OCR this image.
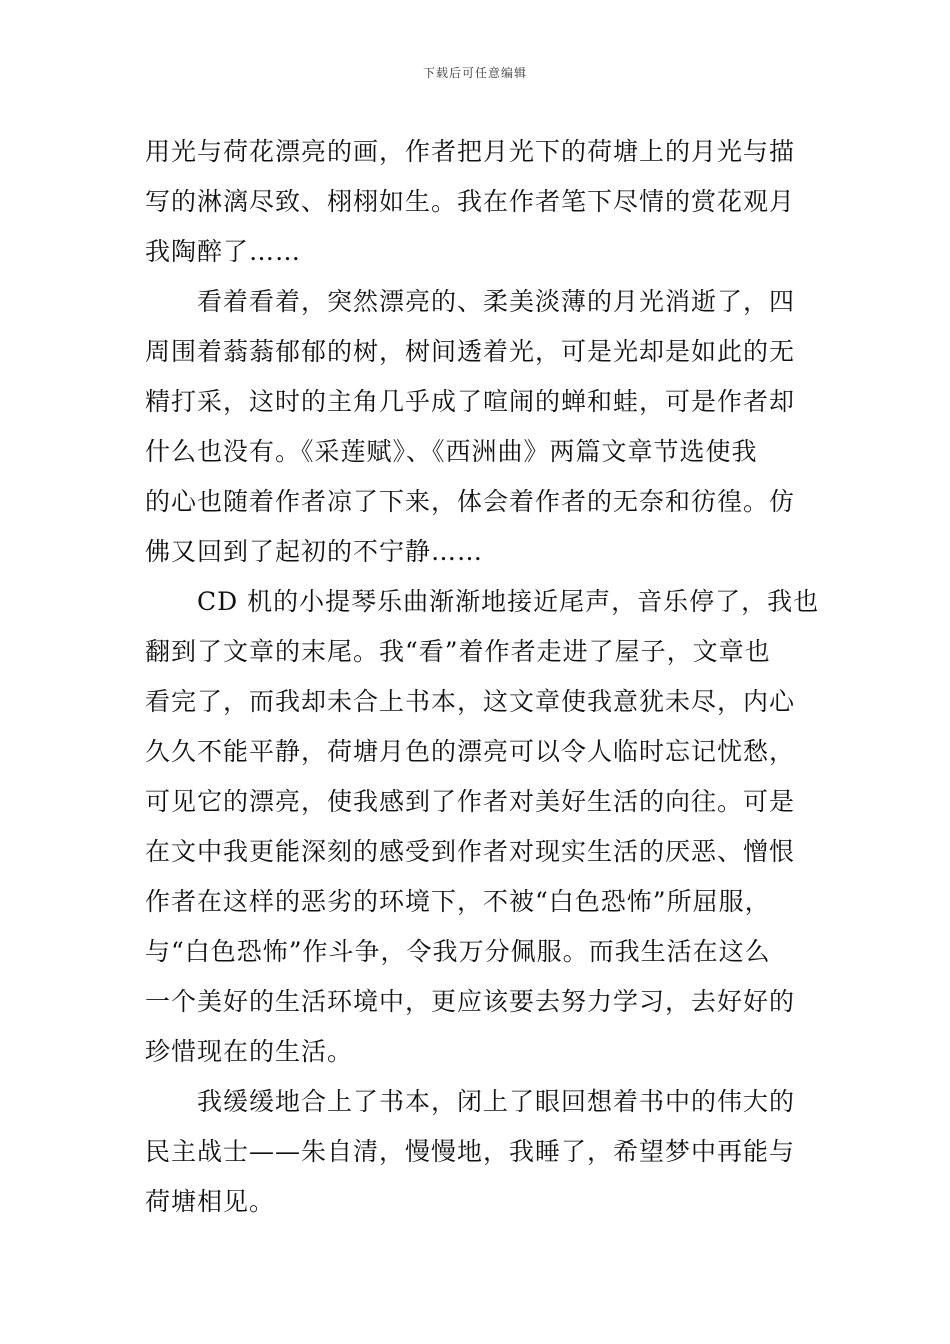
下载后可任意编辑
用光与荷花漂亮的画，作者把月光下的荷塘上的月光与描
写的淋漓尽致、栩栩如生。我在作者笔下尽情的赏花观月
我陶醉了……
看着看着，突然漂亮的、柔美淡薄的月光消逝了，四
周围着蓊蓊郁郁的树，树间透着光，可是光却是如此的无
精打采，这时的主角几乎成了喧闹的蝉和蛙，可是作者却
什么也没有。《采莲赋》、《西洲曲》两篇文章节选使我
的心也随着作者凉了下来，体会着作者的无奈和彷徨。仿
佛又回到了起初的不宁静……
CD 机的小提琴乐曲渐渐地接近尾声，音乐停了，我也
翻到了文章的末尾。我“看”着作者走进了屋子，文章也
看完了，而我却未合上书本，这文章使我意犹未尽，内心
久久不能平静，荷塘月色的漂亮可以令人临时忘记忧愁，
可见它的漂亮，使我感到了作者对美好生活的向往。可是
在文中我更能深刻的感受到作者对现实生活的厌恶、憎恨
作者在这样的恶劣的环境下，不被“白色恐怖”所屈服，
与“白色恐怖”作斗争，令我万分佩服。而我生活在这么
一个美好的生活环境中，更应该要去努力学习，去好好的
珍惜现在的生活。
我缓缓地合上了书本，闭上了眼回想着书中的伟大的
民主战士——朱自清，慢慢地，我睡了，希望梦中再能与
荷塘相见。
